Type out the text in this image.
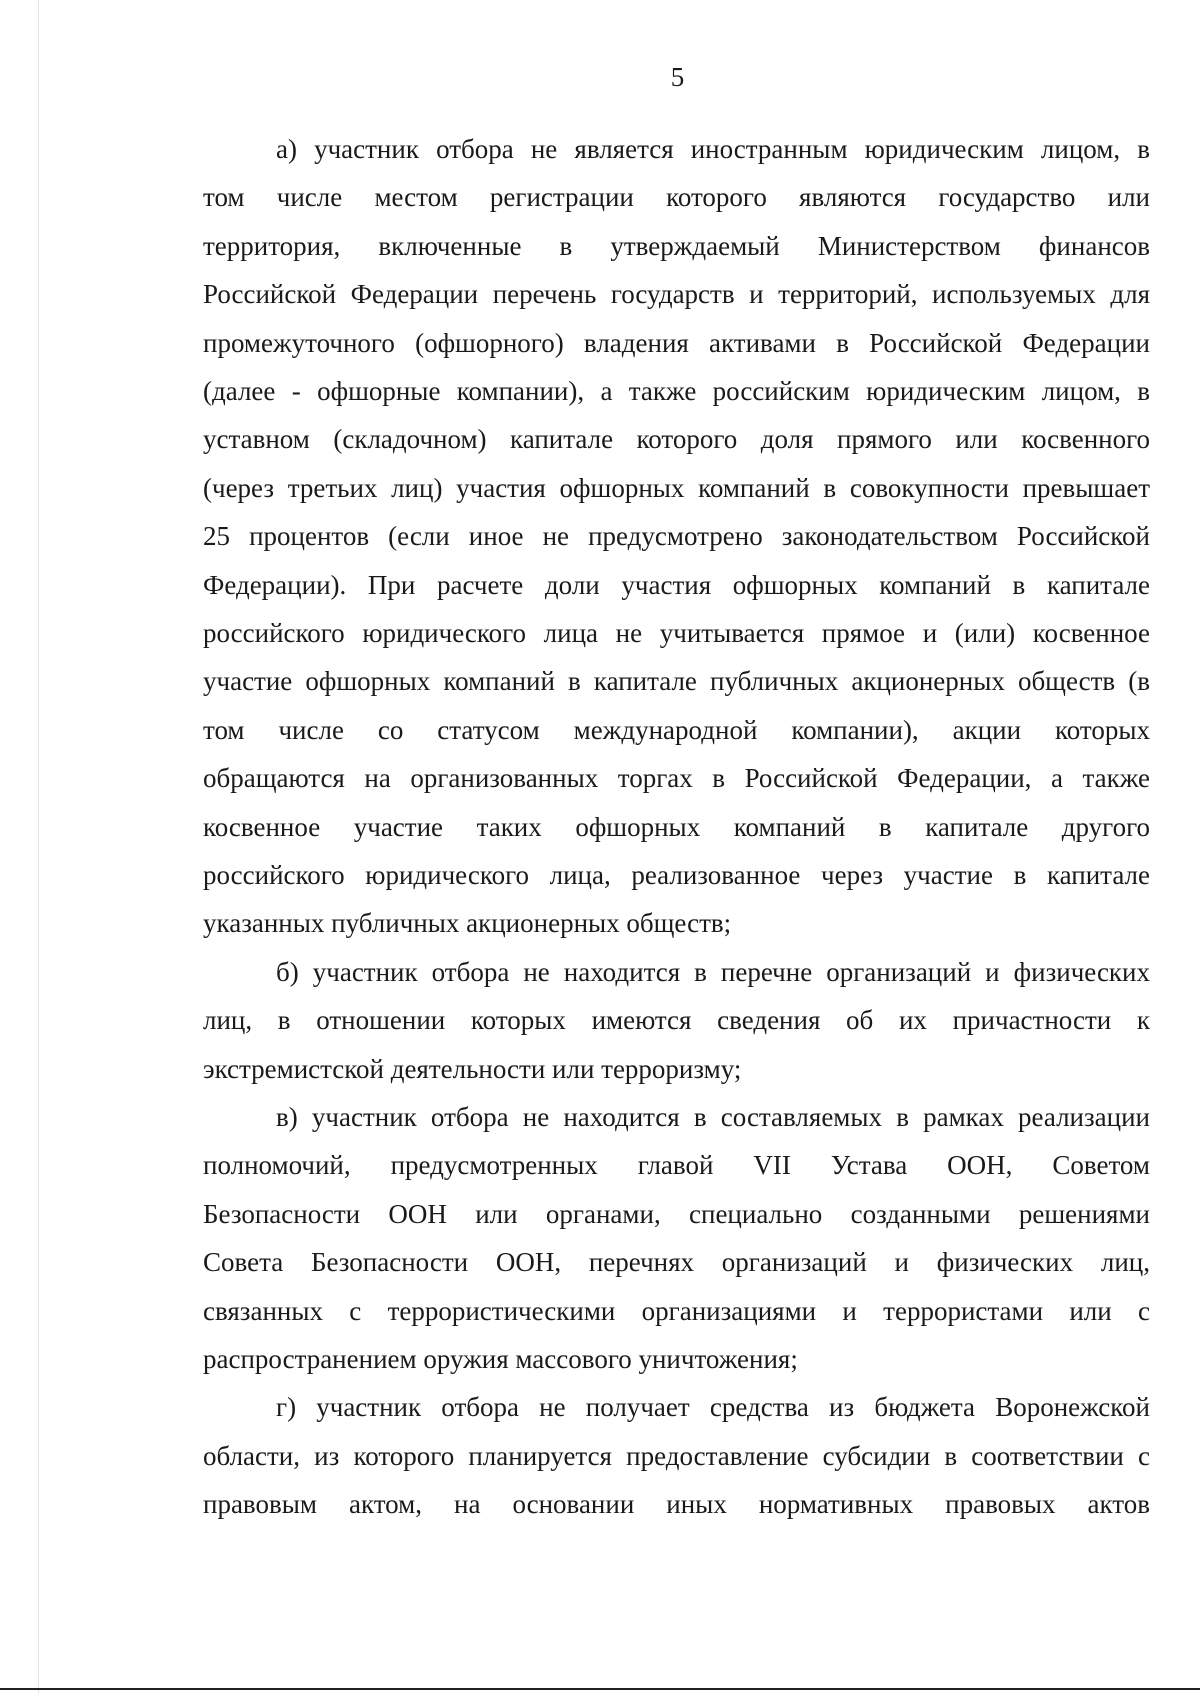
5
а) участник отбора не является иностранным юридическим лицом, в
том числе местом регистрации которого являются государство или
территория, включенные в утверждаемый Министерством финансов
Российской Федерации перечень государств и территорий, используемых для
промежуточного (офшорного) владения активами в Российской Федерации
(далее - офшорные компании), а также российским юридическим лицом, в
уставном (складочном) капитале которого доля прямого или косвенного
(через третьих лиц) участия офшорных компаний в совокупности превышает
25 процентов (если иное не предусмотрено законодательством Российской
Федерации). При расчете доли участия офшорных компаний в капитале
российского юридического лица не учитывается прямое и (или) косвенное
участие офшорных компаний в капитале публичных акционерных обществ (в
том числе со статусом международной компании), акции которых
обращаются на организованных торгах в Российской Федерации, а также
косвенное участие таких офшорных компаний в капитале другого
российского юридического лица, реализованное через участие в капитале
указанных публичных акционерных обществ;
б) участник отбора не находится в перечне организаций и физических
лиц, в отношении которых имеются сведения об их причастности к
экстремистской деятельности или терроризму;
в) участник отбора не находится в составляемых в рамках реализации
полномочий, предусмотренных главой VII Устава ООН, Советом
Безопасности ООН или органами, специально созданными решениями
Совета Безопасности ООН, перечнях организаций и физических лиц,
связанных с террористическими организациями и террористами или с
распространением оружия массового уничтожения;
г) участник отбора не получает средства из бюджета Воронежской
области, из которого планируется предоставление субсидии в соответствии с
правовым актом, на основании иных нормативных правовых актов
